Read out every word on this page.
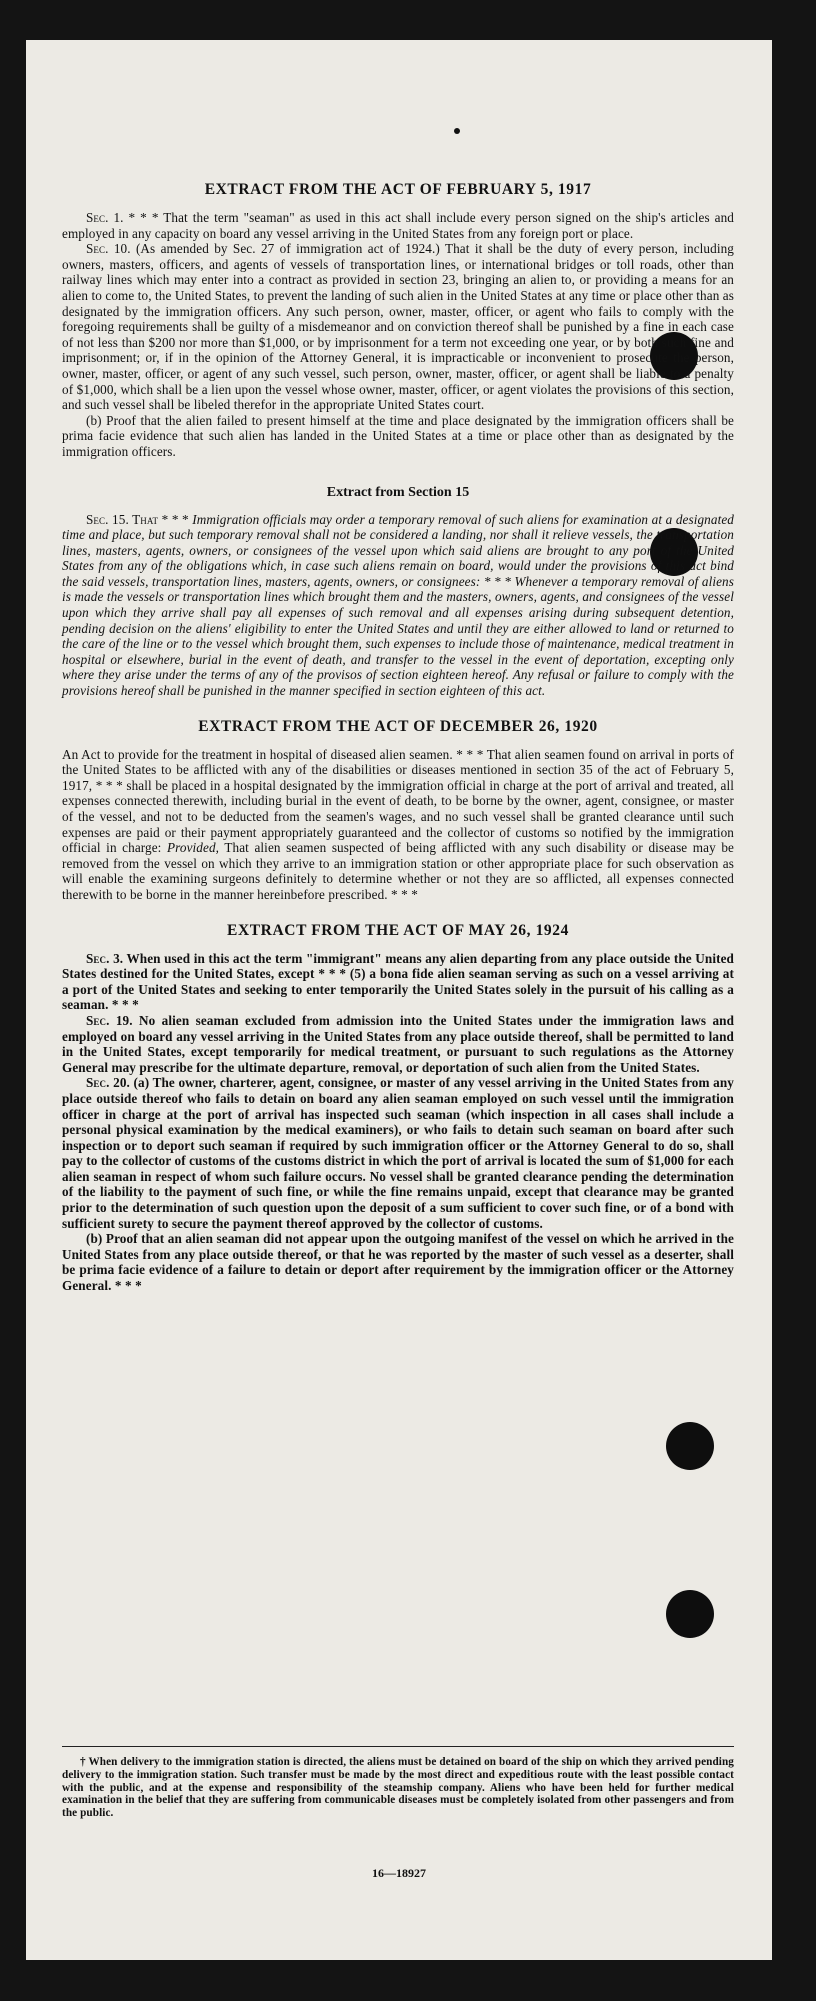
EXTRACT FROM THE ACT OF FEBRUARY 5, 1917

Sec. 1. * * * That the term "seaman" as used in this act shall include every person signed on the ship's articles and employed in any capacity on board any vessel arriving in the United States from any foreign port or place.

Sec. 10. (As amended by Sec. 27 of immigration act of 1924.) That it shall be the duty of every person, including owners, masters, officers, and agents of vessels of transportation lines, or international bridges or toll roads, other than railway lines which may enter into a contract as provided in section 23, bringing an alien to, or providing a means for an alien to come to, the United States, to prevent the landing of such alien in the United States at any time or place other than as designated by the immigration officers. Any such person, owner, master, officer, or agent who fails to comply with the foregoing requirements shall be guilty of a misdemeanor and on conviction thereof shall be punished by a fine in each case of not less than $200 nor more than $1,000, or by imprisonment for a term not exceeding one year, or by both such fine and imprisonment; or, if in the opinion of the Attorney General, it is impracticable or inconvenient to prosecute the person, owner, master, officer, or agent of any such vessel, such person, owner, master, officer, or agent shall be liable to a penalty of $1,000, which shall be a lien upon the vessel whose owner, master, officer, or agent violates the provisions of this section, and such vessel shall be libeled therefor in the appropriate United States court.

(b) Proof that the alien failed to present himself at the time and place designated by the immigration officers shall be prima facie evidence that such alien has landed in the United States at a time or place other than as designated by the immigration officers.

Extract from Section 15

Sec. 15. That * * * Immigration officials may order a temporary removal of such aliens for examination at a designated time and place, but such temporary removal shall not be considered a landing, nor shall it relieve vessels, the transportation lines, masters, agents, owners, or consignees of the vessel upon which said aliens are brought to any port of the United States from any of the obligations which, in case such aliens remain on board, would under the provisions of this act bind the said vessels, transportation lines, masters, agents, owners, or consignees: * * * Whenever a temporary removal of aliens is made the vessels or transportation lines which brought them and the masters, owners, agents, and consignees of the vessel upon which they arrive shall pay all expenses of such removal and all expenses arising during subsequent detention, pending decision on the aliens' eligibility to enter the United States and until they are either allowed to land or returned to the care of the line or to the vessel which brought them, such expenses to include those of maintenance, medical treatment in hospital or elsewhere, burial in the event of death, and transfer to the vessel in the event of deportation, excepting only where they arise under the terms of any of the provisos of section eighteen hereof. Any refusal or failure to comply with the provisions hereof shall be punished in the manner specified in section eighteen of this act.

EXTRACT FROM THE ACT OF DECEMBER 26, 1920

An Act to provide for the treatment in hospital of diseased alien seamen. * * * That alien seamen found on arrival in ports of the United States to be afflicted with any of the disabilities or diseases mentioned in section 35 of the act of February 5, 1917, * * * shall be placed in a hospital designated by the immigration official in charge at the port of arrival and treated, all expenses connected therewith, including burial in the event of death, to be borne by the owner, agent, consignee, or master of the vessel, and not to be deducted from the seamen's wages, and no such vessel shall be granted clearance until such expenses are paid or their payment appropriately guaranteed and the collector of customs so notified by the immigration official in charge: Provided, That alien seamen suspected of being afflicted with any such disability or disease may be removed from the vessel on which they arrive to an immigration station or other appropriate place for such observation as will enable the examining surgeons definitely to determine whether or not they are so afflicted, all expenses connected therewith to be borne in the manner hereinbefore prescribed. * * *

EXTRACT FROM THE ACT OF MAY 26, 1924

Sec. 3. When used in this act the term "immigrant" means any alien departing from any place outside the United States destined for the United States, except * * * (5) a bona fide alien seaman serving as such on a vessel arriving at a port of the United States and seeking to enter temporarily the United States solely in the pursuit of his calling as a seaman. * * *

Sec. 19. No alien seaman excluded from admission into the United States under the immigration laws and employed on board any vessel arriving in the United States from any place outside thereof, shall be permitted to land in the United States, except temporarily for medical treatment, or pursuant to such regulations as the Attorney General may prescribe for the ultimate departure, removal, or deportation of such alien from the United States.

Sec. 20. (a) The owner, charterer, agent, consignee, or master of any vessel arriving in the United States from any place outside thereof who fails to detain on board any alien seaman employed on such vessel until the immigration officer in charge at the port of arrival has inspected such seaman (which inspection in all cases shall include a personal physical examination by the medical examiners), or who fails to detain such seaman on board after such inspection or to deport such seaman if required by such immigration officer or the Attorney General to do so, shall pay to the collector of customs of the customs district in which the port of arrival is located the sum of $1,000 for each alien seaman in respect of whom such failure occurs. No vessel shall be granted clearance pending the determination of the liability to the payment of such fine, or while the fine remains unpaid, except that clearance may be granted prior to the determination of such question upon the deposit of a sum sufficient to cover such fine, or of a bond with sufficient surety to secure the payment thereof approved by the collector of customs.

(b) Proof that an alien seaman did not appear upon the outgoing manifest of the vessel on which he arrived in the United States from any place outside thereof, or that he was reported by the master of such vessel as a deserter, shall be prima facie evidence of a failure to detain or deport after requirement by the immigration officer or the Attorney General. * * *

† When delivery to the immigration station is directed, the aliens must be detained on board of the ship on which they arrived pending delivery to the immigration station. Such transfer must be made by the most direct and expeditious route with the least possible contact with the public, and at the expense and responsibility of the steamship company. Aliens who have been held for further medical examination in the belief that they are suffering from communicable diseases must be completely isolated from other passengers and from the public.

16—18927
